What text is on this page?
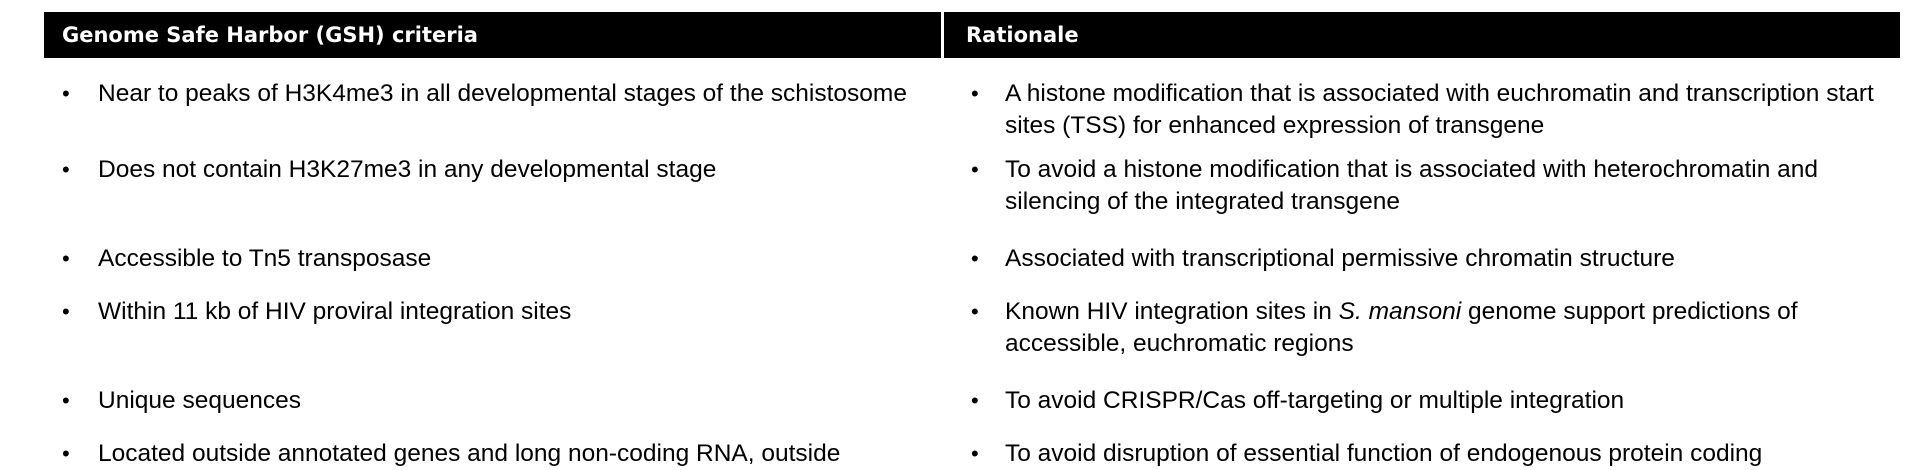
Genome Safe Harbor (GSH) criteria	Rationale
• Near to peaks of H3K4me3 in all developmental stages of the schistosome	• A histone modification that is associated with euchromatin and transcription start sites (TSS) for enhanced expression of transgene
• Does not contain H3K27me3 in any developmental stage	• To avoid a histone modification that is associated with heterochromatin and silencing of the integrated transgene
• Accessible to Tn5 transposase	• Associated with transcriptional permissive chromatin structure
• Within 11 kb of HIV proviral integration sites	• Known HIV integration sites in S. mansoni genome support predictions of accessible, euchromatic regions
• Unique sequences	• To avoid CRISPR/Cas off-targeting or multiple integration
• Located outside annotated genes and long non-coding RNA, outside	• To avoid disruption of essential function of endogenous protein coding
